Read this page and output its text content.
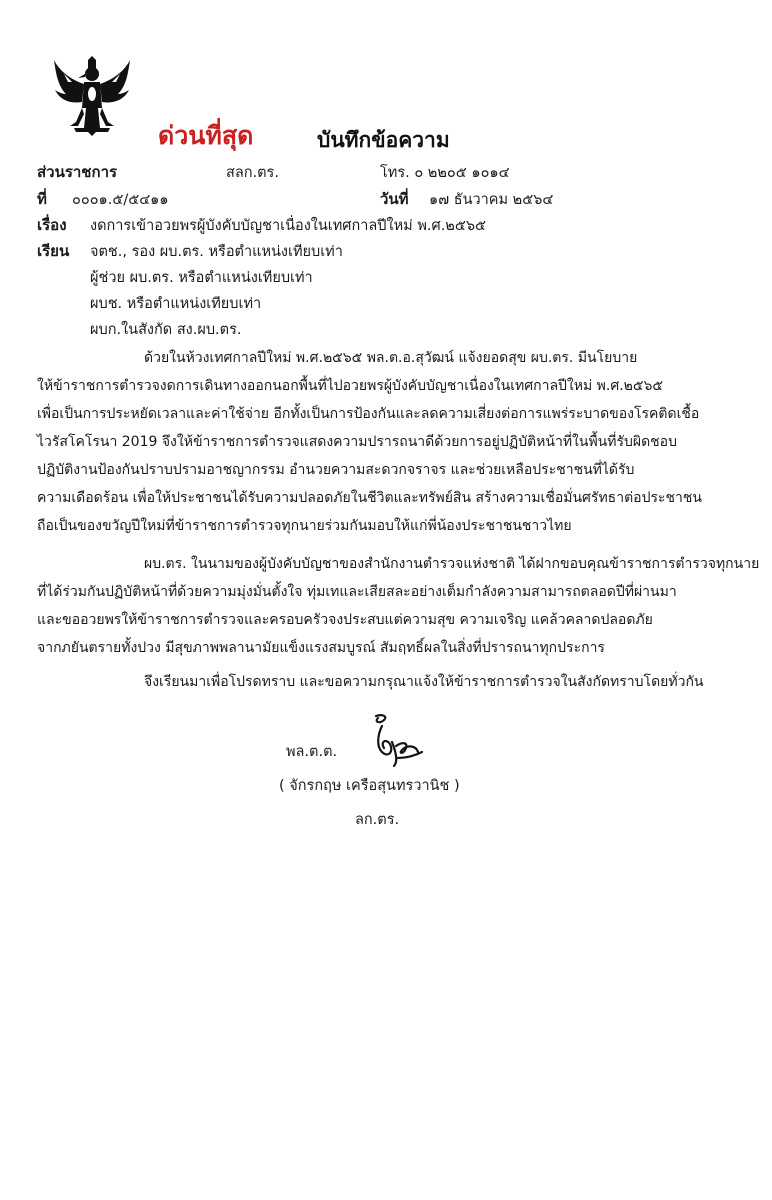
ด่วนที่สุด	บันทึกข้อความ
ส่วนราชการ	สลก.ตร.	โทร. ๐ ๒๒๐๕ ๑๐๑๔
ที่ ๐๐๐๑.๕/๕๔๑๑	วันที่ ๑๗ ธันวาคม ๒๕๖๔
เรื่อง งดการเข้าอวยพรผู้บังคับบัญชาเนื่องในเทศกาลปีใหม่ พ.ศ.๒๕๖๕
เรียน จตช., รอง ผบ.ตร. หรือตำแหน่งเทียบเท่า
ผู้ช่วย ผบ.ตร. หรือตำแหน่งเทียบเท่า
ผบช. หรือตำแหน่งเทียบเท่า
ผบก.ในสังกัด สง.ผบ.ตร.
ด้วยในห้วงเทศกาลปีใหม่ พ.ศ.๒๕๖๕ พล.ต.อ.สุวัฒน์ แจ้งยอดสุข ผบ.ตร. มีนโยบาย
ให้ข้าราชการตำรวจงดการเดินทางออกนอกพื้นที่ไปอวยพรผู้บังคับบัญชาเนื่องในเทศกาลปีใหม่ พ.ศ.๒๕๖๕
เพื่อเป็นการประหยัดเวลาและค่าใช้จ่าย อีกทั้งเป็นการป้องกันและลดความเสี่ยงต่อการแพร่ระบาดของโรคติดเชื้อ
ไวรัสโคโรนา 2019 จึงให้ข้าราชการตำรวจแสดงความปรารถนาดีด้วยการอยู่ปฏิบัติหน้าที่ในพื้นที่รับผิดชอบ
ปฏิบัติงานป้องกันปราบปรามอาชญากรรม อำนวยความสะดวกจราจร และช่วยเหลือประชาชนที่ได้รับ
ความเดือดร้อน เพื่อให้ประชาชนได้รับความปลอดภัยในชีวิตและทรัพย์สิน สร้างความเชื่อมั่นศรัทธาต่อประชาชน
ถือเป็นของขวัญปีใหม่ที่ข้าราชการตำรวจทุกนายร่วมกันมอบให้แก่พี่น้องประชาชนชาวไทย
ผบ.ตร. ในนามของผู้บังคับบัญชาของสำนักงานตำรวจแห่งชาติ ได้ฝากขอบคุณข้าราชการตำรวจทุกนาย
ที่ได้ร่วมกันปฏิบัติหน้าที่ด้วยความมุ่งมั่นตั้งใจ ทุ่มเทและเสียสละอย่างเต็มกำลังความสามารถตลอดปีที่ผ่านมา
และขออวยพรให้ข้าราชการตำรวจและครอบครัวจงประสบแต่ความสุข ความเจริญ แคล้วคลาดปลอดภัย
จากภยันตรายทั้งปวง มีสุขภาพพลานามัยแข็งแรงสมบูรณ์ สัมฤทธิ์ผลในสิ่งที่ปรารถนาทุกประการ
จึงเรียนมาเพื่อโปรดทราบ และขอความกรุณาแจ้งให้ข้าราชการตำรวจในสังกัดทราบโดยทั่วกัน
พล.ต.ต.
( จักรกฤษ เครือสุนทรวานิช )
ลก.ตร.
